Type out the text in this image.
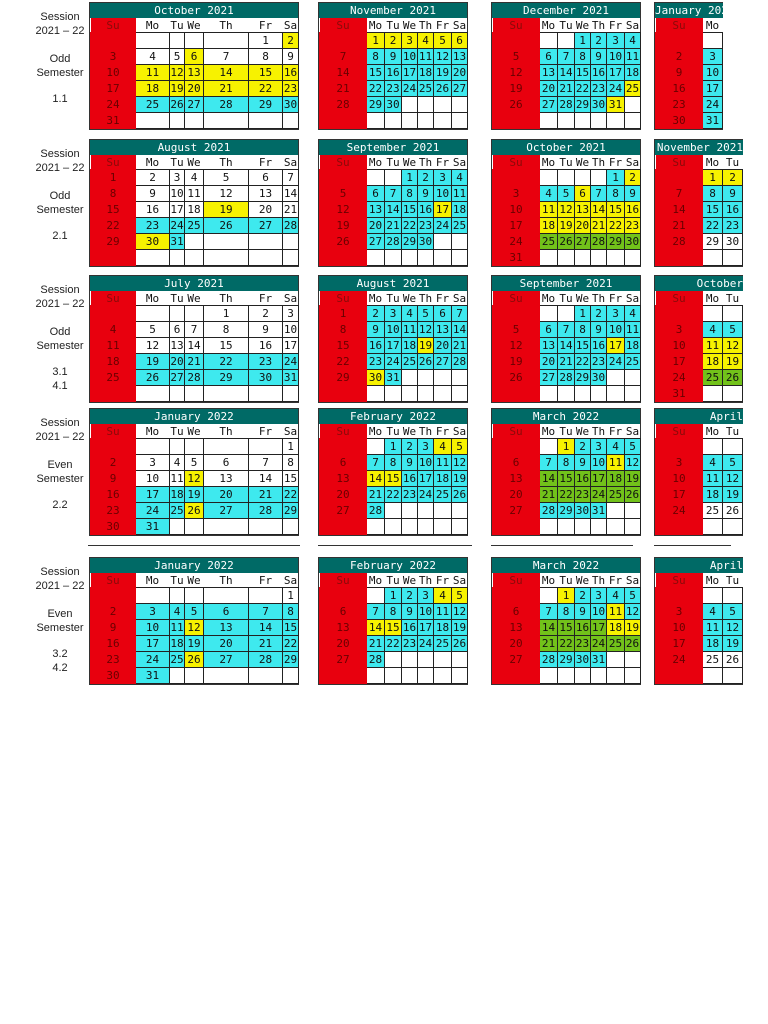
Session
2021 – 22
Odd
Semester
1.1
October 2021
Su	Mo	Tu	We	Th	Fr	Sa
					1	2
3	4	5	6	7	8	9
10	11	12	13	14	15	16
17	18	19	20	21	22	23
24	25	26	27	28	29	30
31						
November 2021
Su	Mo	Tu	We	Th	Fr	Sa
	1	2	3	4	5	6
7	8	9	10	11	12	13
14	15	16	17	18	19	20
21	22	23	24	25	26	27
28	29	30				

December 2021
Su	Mo	Tu	We	Th	Fr	Sa
			1	2	3	4
5	6	7	8	9	10	11
12	13	14	15	16	17	18
19	20	21	22	23	24	25
26	27	28	29	30	31	

January 2022
Su	Mo

2	3
9	10
16	17
23	24
30	31
Session
2021 – 22
Odd
Semester
2.1
August 2021
Su	Mo	Tu	We	Th	Fr	Sa
1	2	3	4	5	6	7
8	9	10	11	12	13	14
15	16	17	18	19	20	21
22	23	24	25	26	27	28
29	30	31				

September 2021
Su	Mo	Tu	We	Th	Fr	Sa
			1	2	3	4
5	6	7	8	9	10	11
12	13	14	15	16	17	18
19	20	21	22	23	24	25
26	27	28	29	30		

October 2021
Su	Mo	Tu	We	Th	Fr	Sa
					1	2
3	4	5	6	7	8	9
10	11	12	13	14	15	16
17	18	19	20	21	22	23
24	25	26	27	28	29	30
31						
November 2021
Su	Mo	Tu
	1	2
7	8	9
14	15	16
21	22	23
28	29	30

Session
2021 – 22
Odd
Semester
3.1
4.1
July 2021
Su	Mo	Tu	We	Th	Fr	Sa
				1	2	3
4	5	6	7	8	9	10
11	12	13	14	15	16	17
18	19	20	21	22	23	24
25	26	27	28	29	30	31

August 2021
Su	Mo	Tu	We	Th	Fr	Sa
1	2	3	4	5	6	7
8	9	10	11	12	13	14
15	16	17	18	19	20	21
22	23	24	25	26	27	28
29	30	31				

September 2021
Su	Mo	Tu	We	Th	Fr	Sa
			1	2	3	4
5	6	7	8	9	10	11
12	13	14	15	16	17	18
19	20	21	22	23	24	25
26	27	28	29	30		

October
Su	Mo	Tu

3	4	5
10	11	12
17	18	19
24	25	26
31		
Session
2021 – 22
Even
Semester
2.2
January 2022
Su	Mo	Tu	We	Th	Fr	Sa
						1
2	3	4	5	6	7	8
9	10	11	12	13	14	15
16	17	18	19	20	21	22
23	24	25	26	27	28	29
30	31					
February 2022
Su	Mo	Tu	We	Th	Fr	Sa
		1	2	3	4	5
6	7	8	9	10	11	12
13	14	15	16	17	18	19
20	21	22	23	24	25	26
27	28					

March 2022
Su	Mo	Tu	We	Th	Fr	Sa
		1	2	3	4	5
6	7	8	9	10	11	12
13	14	15	16	17	18	19
20	21	22	23	24	25	26
27	28	29	30	31		

April
Su	Mo	Tu

3	4	5
10	11	12
17	18	19
24	25	26

Session
2021 – 22
Even
Semester
3.2
4.2
January 2022
Su	Mo	Tu	We	Th	Fr	Sa
						1
2	3	4	5	6	7	8
9	10	11	12	13	14	15
16	17	18	19	20	21	22
23	24	25	26	27	28	29
30	31					
February 2022
Su	Mo	Tu	We	Th	Fr	Sa
		1	2	3	4	5
6	7	8	9	10	11	12
13	14	15	16	17	18	19
20	21	22	23	24	25	26
27	28					

March 2022
Su	Mo	Tu	We	Th	Fr	Sa
		1	2	3	4	5
6	7	8	9	10	11	12
13	14	15	16	17	18	19
20	21	22	23	24	25	26
27	28	29	30	31		

April
Su	Mo	Tu

3	4	5
10	11	12
17	18	19
24	25	26
